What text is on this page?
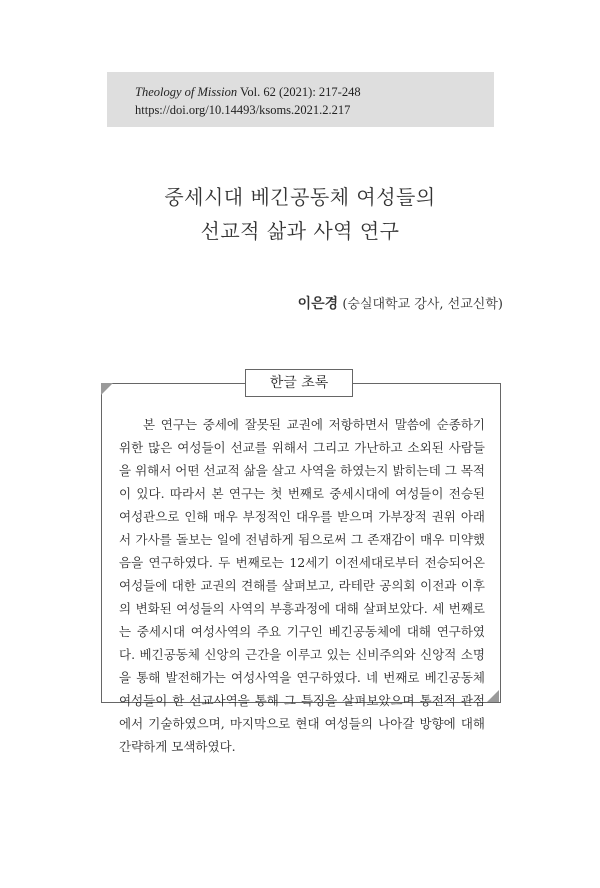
Theology of Mission Vol. 62 (2021): 217-248
https://doi.org/10.14493/ksoms.2021.2.217
중세시대 베긴공동체 여성들의
선교적 삶과 사역 연구
이은경 (숭실대학교 강사, 선교신학)
한글 초록
본 연구는 중세에 잘못된 교권에 저항하면서 말씀에 순종하기 위한 많은 여성들이 선교를 위해서 그리고 가난하고 소외된 사람들을 위해서 어떤 선교적 삶을 살고 사역을 하였는지 밝히는데 그 목적이 있다. 따라서 본 연구는 첫 번째로 중세시대에 여성들이 전승된 여성관으로 인해 매우 부정적인 대우를 받으며 가부장적 권위 아래서 가사를 돌보는 일에 전념하게 됨으로써 그 존재감이 매우 미약했음을 연구하였다. 두 번째로는 12세기 이전세대로부터 전승되어온 여성들에 대한 교권의 견해를 살펴보고, 라테란 공의회 이전과 이후의 변화된 여성들의 사역의 부흥과정에 대해 살펴보았다. 세 번째로는 중세시대 여성사역의 주요 기구인 베긴공동체에 대해 연구하였다. 베긴공동체 신앙의 근간을 이루고 있는 신비주의와 신앙적 소명을 통해 발전해가는 여성사역을 연구하였다. 네 번째로 베긴공동체 여성들이 한 선교사역을 통해 그 특징을 살펴보았으며 통전적 관점에서 기술하였으며, 마지막으로 현대 여성들의 나아갈 방향에 대해 간략하게 모색하였다.
